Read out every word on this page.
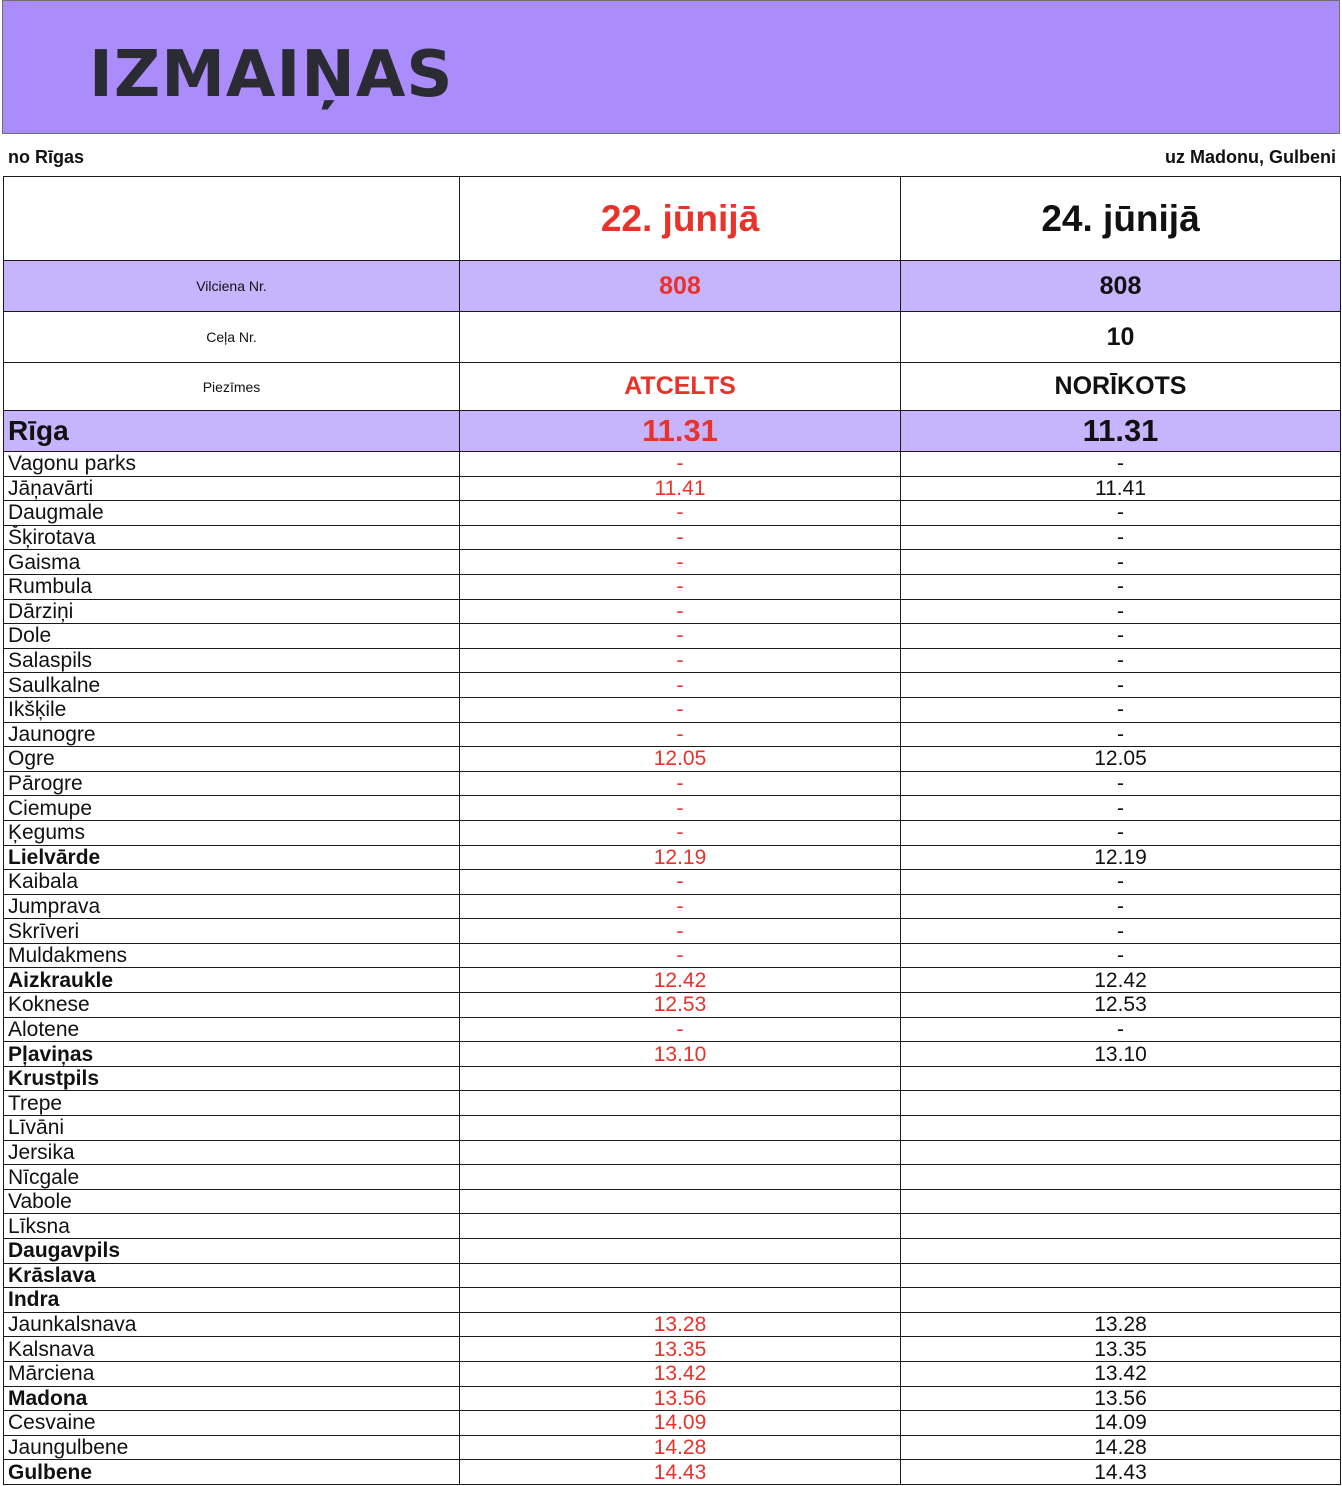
IZMAIŅAS
no Rīgas	uz Madonu, Gulbeni
	22. jūnijā	24. jūnijā
Vilciena Nr.	808	808
Ceļa Nr.		10
Piezīmes	ATCELTS	NORĪKOTS
Rīga	11.31	11.31
Vagonu parks	-	-
Jāņavārti	11.41	11.41
Daugmale	-	-
Šķirotava	-	-
Gaisma	-	-
Rumbula	-	-
Dārziņi	-	-
Dole	-	-
Salaspils	-	-
Saulkalne	-	-
Ikšķile	-	-
Jaunogre	-	-
Ogre	12.05	12.05
Pārogre	-	-
Ciemupe	-	-
Ķegums	-	-
Lielvārde	12.19	12.19
Kaibala	-	-
Jumprava	-	-
Skrīveri	-	-
Muldakmens	-	-
Aizkraukle	12.42	12.42
Koknese	12.53	12.53
Alotene	-	-
Pļaviņas	13.10	13.10
Krustpils		
Trepe		
Līvāni		
Jersika		
Nīcgale		
Vabole		
Līksna		
Daugavpils		
Krāslava		
Indra		
Jaunkalsnava	13.28	13.28
Kalsnava	13.35	13.35
Mārciena	13.42	13.42
Madona	13.56	13.56
Cesvaine	14.09	14.09
Jaungulbene	14.28	14.28
Gulbene	14.43	14.43
